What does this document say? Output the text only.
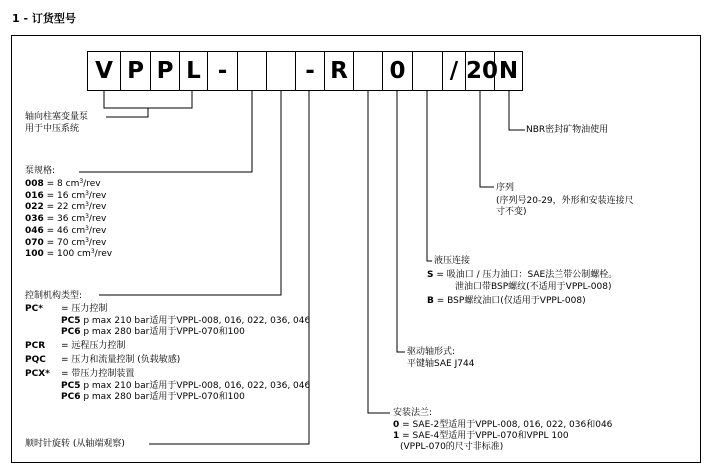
1 - 订货型号
V P P L -	- R	0	/ 20 N
NBR密封矿物油使用
序列
(序列号20-29，外形和安装连接尺
寸不变)
液压连接
S = 吸油口 / 压力油口：SAE法兰带公制螺栓。
泄油口带BSP螺纹(不适用于VPPL-008)
B = BSP螺纹油口(仅适用于VPPL-008)
驱动轴形式:
平键轴SAE J744
安装法兰:
0 = SAE-2型适用于VPPL-008, 016, 022, 036和046
1 = SAE-4型适用于VPPL-070和VPPL 100
(VPPL-070的尺寸非标准)
轴向柱塞变量泵
用于中压系统
泵规格:
008 = 8 $cm^3$/rev
016 = 16 $cm^3$/rev
022 = 22 $cm^3$/rev
036 = 36 $cm^3$/rev
046 = 46 $cm^3$/rev
070 = 70 $cm^3$/rev
100 = 100 $cm^3$/rev
控制机构类型:
PC* = 压力控制
PC5 p max 210 bar适用于VPPL-008, 016, 022, 036, 046
PC6 p max 280 bar适用于VPPL-070和100
PCR = 远程压力控制
PQC = 压力和流量控制 (负载敏感)
PCX* = 带压力控制装置
PC5 p max 210 bar适用于VPPL-008, 016, 022, 036, 046
PC6 p max 280 bar适用于VPPL-070和100
顺时针旋转 (从轴端观察)
